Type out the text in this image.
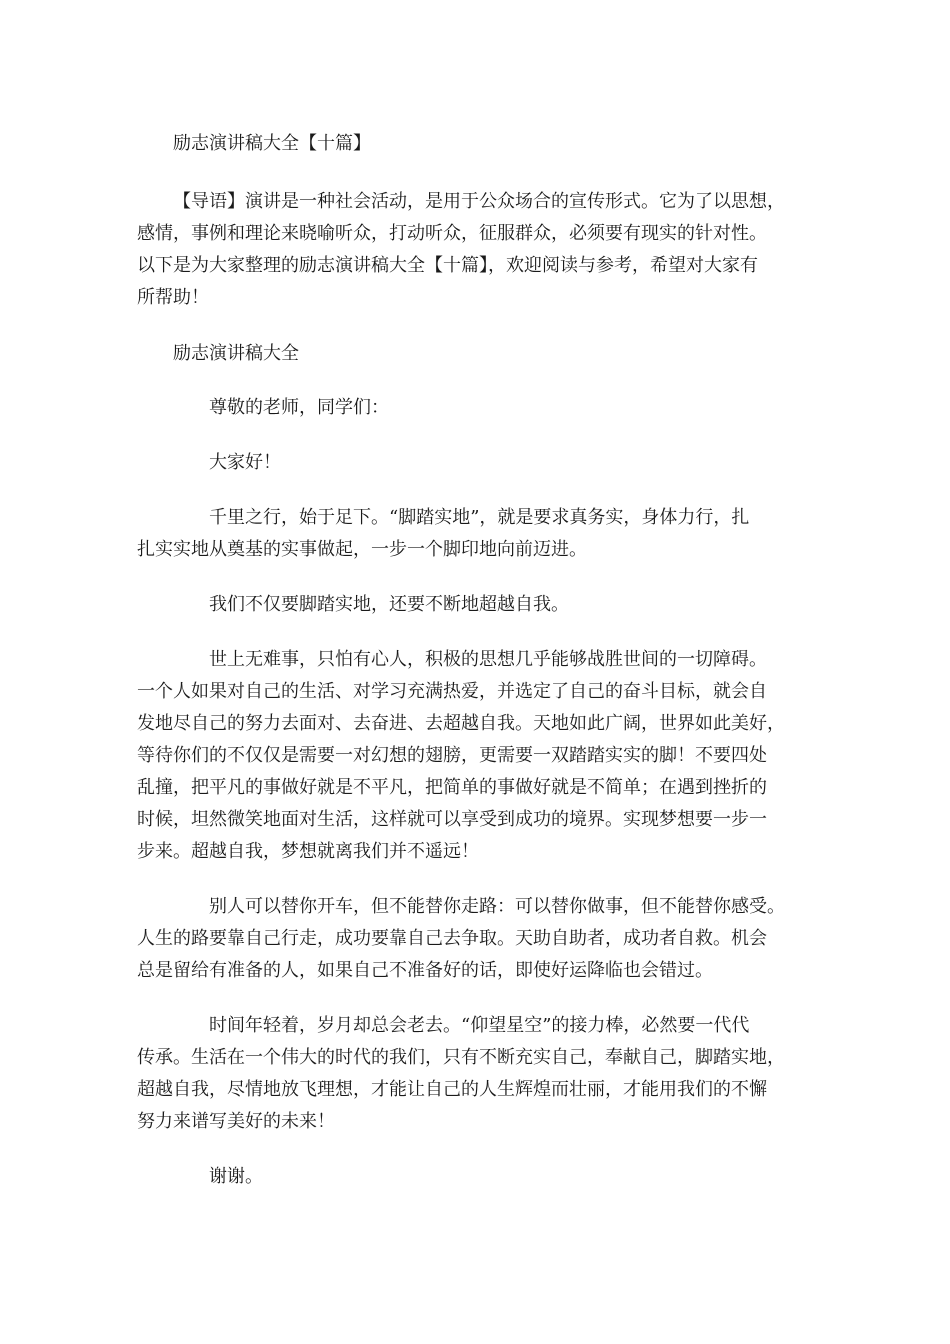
励志演讲稿大全【十篇】

【导语】演讲是一种社会活动，是用于公众场合的宣传形式。它为了以思想，
感情，事例和理论来晓喻听众，打动听众，征服群众，必须要有现实的针对性。
以下是为大家整理的励志演讲稿大全【十篇】，欢迎阅读与参考，希望对大家有
所帮助！

励志演讲稿大全

尊敬的老师，同学们：

大家好！

千里之行，始于足下。“脚踏实地”，就是要求真务实，身体力行，扎
扎实实地从奠基的实事做起，一步一个脚印地向前迈进。

我们不仅要脚踏实地，还要不断地超越自我。

世上无难事，只怕有心人，积极的思想几乎能够战胜世间的一切障碍。
一个人如果对自己的生活、对学习充满热爱，并选定了自己的奋斗目标，就会自
发地尽自己的努力去面对、去奋进、去超越自我。天地如此广阔，世界如此美好，
等待你们的不仅仅是需要一对幻想的翅膀，更需要一双踏踏实实的脚！不要四处
乱撞，把平凡的事做好就是不平凡，把简单的事做好就是不简单；在遇到挫折的
时候，坦然微笑地面对生活，这样就可以享受到成功的境界。实现梦想要一步一
步来。超越自我，梦想就离我们并不遥远！

别人可以替你开车，但不能替你走路：可以替你做事，但不能替你感受。
人生的路要靠自己行走，成功要靠自己去争取。天助自助者，成功者自救。机会
总是留给有准备的人，如果自己不准备好的话，即使好运降临也会错过。

时间年轻着，岁月却总会老去。“仰望星空”的接力棒，必然要一代代
传承。生活在一个伟大的时代的我们，只有不断充实自己，奉献自己，脚踏实地，
超越自我，尽情地放飞理想，才能让自己的人生辉煌而壮丽，才能用我们的不懈
努力来谱写美好的未来！

谢谢。
